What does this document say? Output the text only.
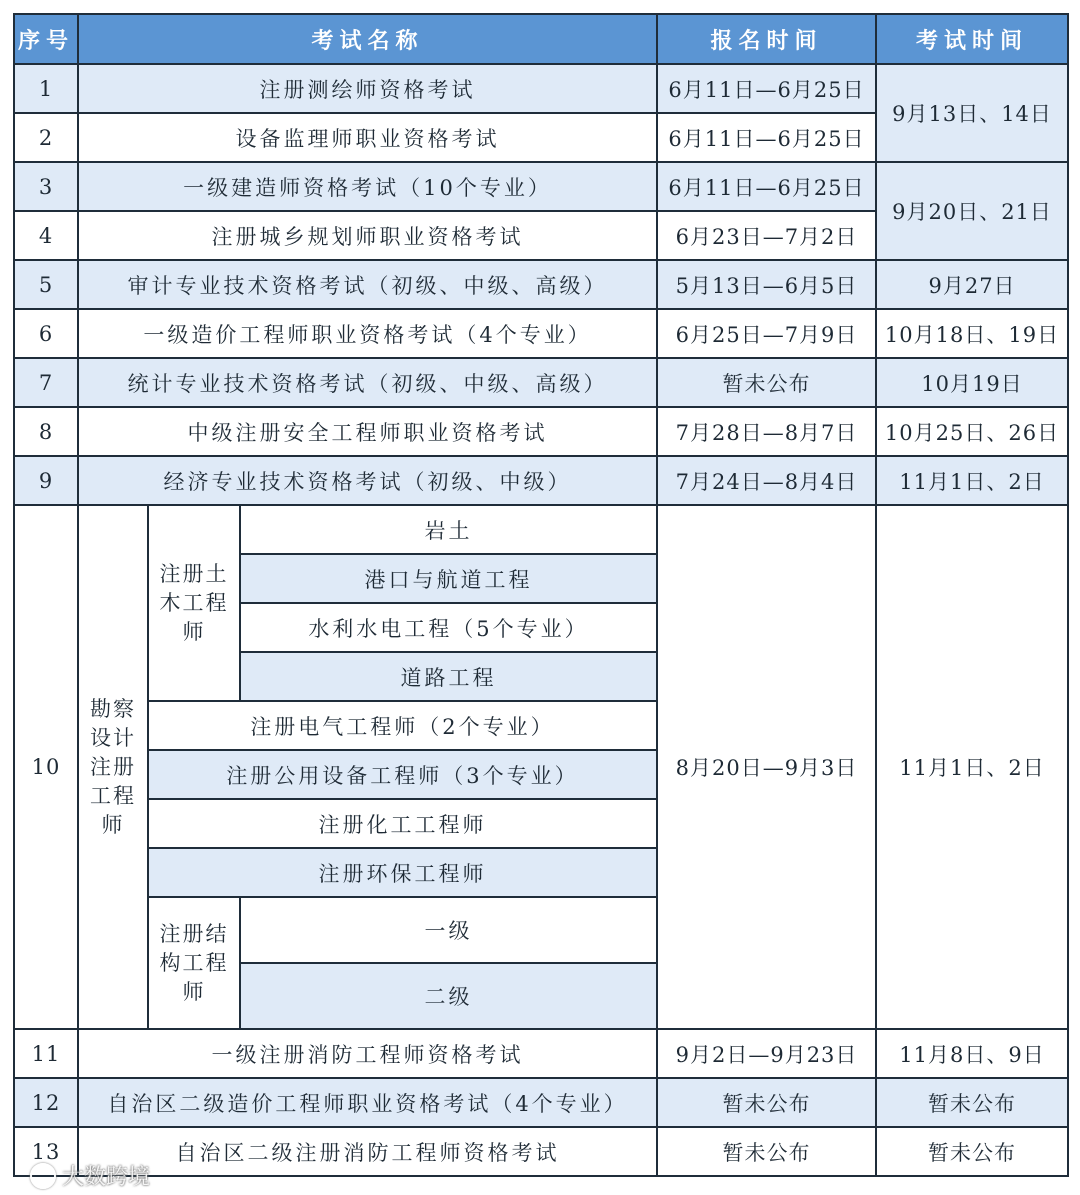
序号	考试名称			报名时间	考试时间
1	注册测绘师资格考试			6月11日—6月25日	9月13日、14日
2	设备监理师职业资格考试			6月11日—6月25日	
3	一级建造师资格考试（10个专业）			6月11日—6月25日	9月20日、21日
4	注册城乡规划师职业资格考试			6月23日—7月2日	
5	审计专业技术资格考试（初级、中级、高级）			5月13日—6月5日	9月27日
6	一级造价工程师职业资格考试（4个专业）			6月25日—7月9日	10月18日、19日
7	统计专业技术资格考试（初级、中级、高级）			暂未公布	10月19日
8	中级注册安全工程师职业资格考试			7月28日—8月7日	10月25日、26日
9	经济专业技术资格考试（初级、中级）			7月24日—8月4日	11月1日、2日
10	勘察设计注册工程师	注册土木工程师	岩土	8月20日—9月3日	11月1日、2日
			港口与航道工程		
			水利水电工程（5个专业）		
			道路工程		
		注册电气工程师（2个专业）			
		注册公用设备工程师（3个专业）			
		注册化工工程师			
		注册环保工程师			
		注册结构工程师	一级		
			二级		
11	一级注册消防工程师资格考试			9月2日—9月23日	11月8日、9日
12	自治区二级造价工程师职业资格考试（4个专业）			暂未公布	暂未公布
13	自治区二级注册消防工程师资格考试			暂未公布	暂未公布
大数跨境
